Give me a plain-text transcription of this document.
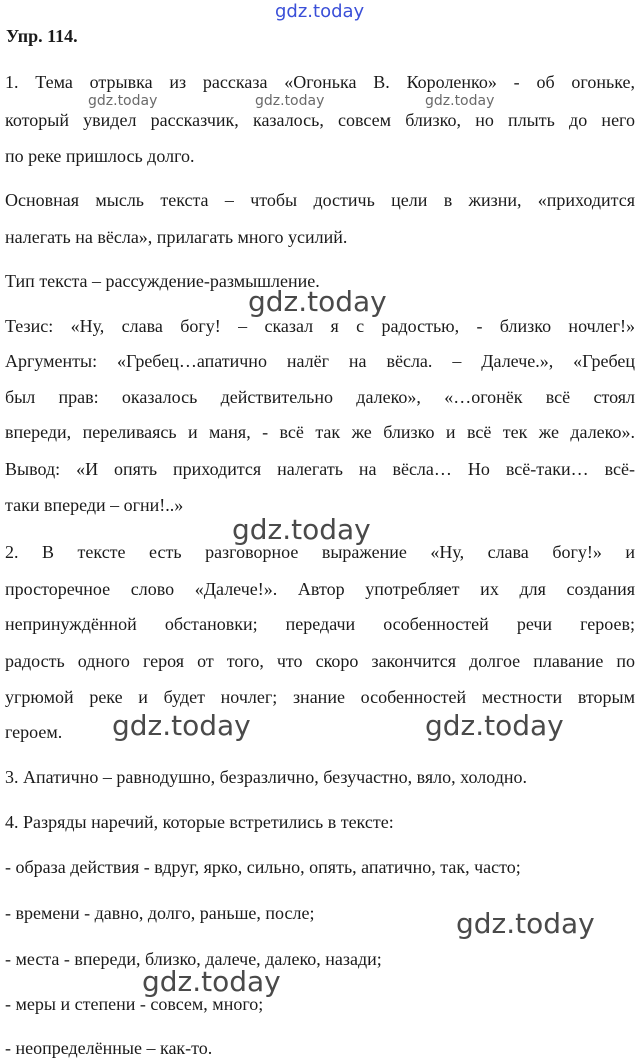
gdz.today
Упр. 114.
1. Тема отрывка из рассказа «Огонька В. Короленко» - об огоньке,
который увидел рассказчик, казалось, совсем близко, но плыть до него
по реке пришлось долго.
Основная мысль текста – чтобы достичь цели в жизни, «приходится
налегать на вёсла», прилагать много усилий.
Тип текста – рассуждение-размышление.
Тезис: «Ну, слава богу! – сказал я с радостью, - близко ночлег!»
Аргументы: «Гребец…апатично налёг на вёсла. – Далече.», «Гребец
был прав: оказалось действительно далеко», «…огонёк всё стоял
впереди, переливаясь и маня, - всё так же близко и всё тек же далеко».
Вывод: «И опять приходится налегать на вёсла… Но всё-таки… всё-
таки впереди – огни!..»
2. В тексте есть разговорное выражение «Ну, слава богу!» и
просторечное слово «Далече!». Автор употребляет их для создания
непринуждённой обстановки; передачи особенностей речи героев;
радость одного героя от того, что скоро закончится долгое плавание по
угрюмой реке и будет ночлег; знание особенностей местности вторым
героем.
3. Апатично – равнодушно, безразлично, безучастно, вяло, холодно.
4. Разряды наречий, которые встретились в тексте:
- образа действия - вдруг, ярко, сильно, опять, апатично, так, часто;
- времени - давно, долго, раньше, после;
- места - впереди, близко, далече, далеко, назади;
- меры и степени - совсем, много;
- неопределённые – как-то.
gdz.today	gdz.today	gdz.today
gdz.today
gdz.today
gdz.today	gdz.today
gdz.today
gdz.today
